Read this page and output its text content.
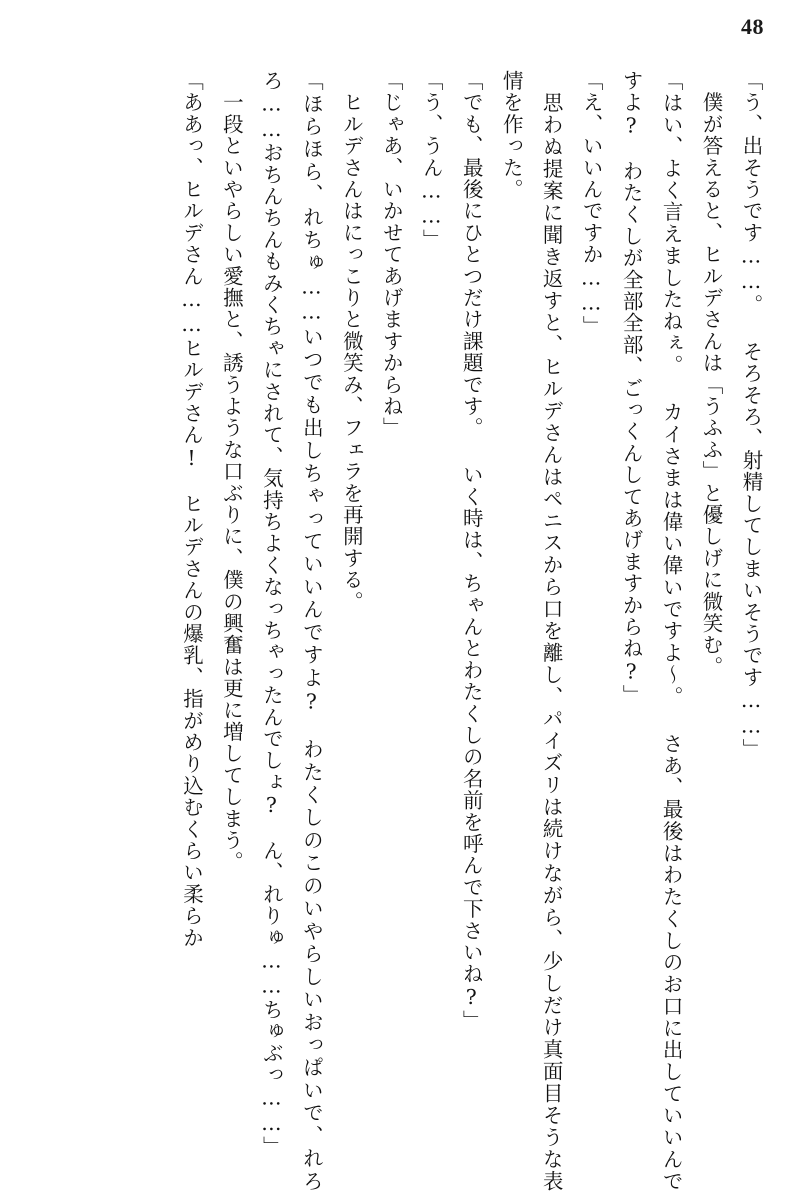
48

「う、出そうです……。 そろそろ、射精してしまいそうです……」

　僕が答えると、ヒルデさんは「うふふ」と優しげに微笑む。

「はい、よく言えましたねぇ。 カイさまは偉い偉いですよ～。 さあ、最後はわたくしのお口に出していいんですよ?　わたくしが全部全部、ごっくんしてあげますからね?」

「え、いいんですか……」

　思わぬ提案に聞き返すと、ヒルデさんはペニスから口を離し、パイズリは続けながら、少しだけ真面目そうな表情を作った。

「でも、最後にひとつだけ課題です。 いく時は、ちゃんとわたくしの名前を呼んで下さいね?」

「う、うん……」

「じゃあ、いかせてあげますからね」

　ヒルデさんはにっこりと微笑み、フェラを再開する。

「ほらほら、れちゅ……いつでも出しちゃっていいんですよ?　わたくしのこのいやらしいおっぱいで、れろろ……おちんちんもみくちゃにされて、気持ちよくなっちゃったんでしょ?　ん、れりゅ……ちゅぶっ……」

　一段といやらしい愛撫と、誘うような口ぶりに、僕の興奮は更に増してしまう。

「ああっ、ヒルデさん……ヒルデさん!　ヒルデさんの爆乳、指がめり込むくらい柔らか
